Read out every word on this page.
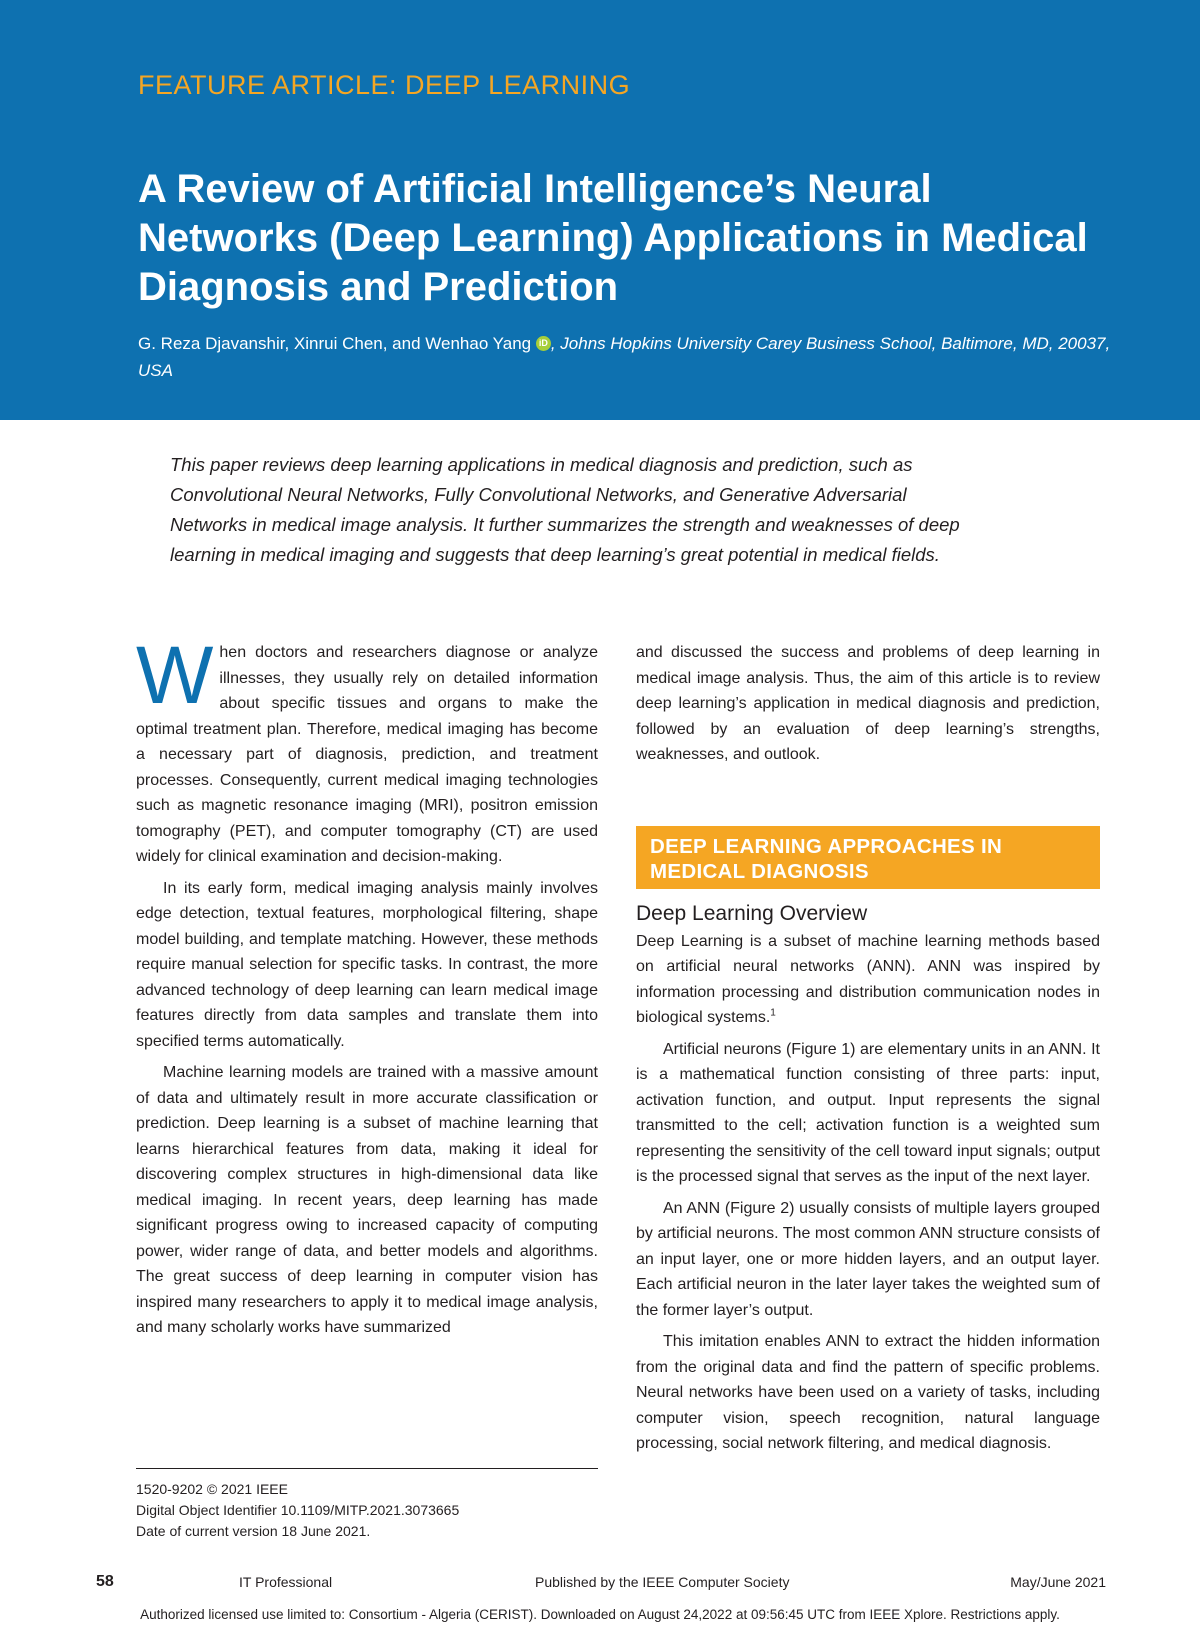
FEATURE ARTICLE: DEEP LEARNING
A Review of Artificial Intelligence’s Neural Networks (Deep Learning) Applications in Medical Diagnosis and Prediction
G. Reza Djavanshir, Xinrui Chen, and Wenhao Yang iD , Johns Hopkins University Carey Business School, Baltimore, MD, 20037, USA

This paper reviews deep learning applications in medical diagnosis and prediction, such as Convolutional Neural Networks, Fully Convolutional Networks, and Generative Adversarial Networks in medical image analysis. It further summarizes the strength and weaknesses of deep learning in medical imaging and suggests that deep learning’s great potential in medical fields.

When doctors and researchers diagnose or analyze illnesses, they usually rely on detailed information about specific tissues and organs to make the optimal treatment plan. Therefore, medical imaging has become a necessary part of diagnosis, prediction, and treatment processes. Consequently, current medical imaging technologies such as magnetic resonance imaging (MRI), positron emission tomography (PET), and computer tomography (CT) are used widely for clinical examination and decision-making.

In its early form, medical imaging analysis mainly involves edge detection, textual features, morphological filtering, shape model building, and template matching. However, these methods require manual selection for specific tasks. In contrast, the more advanced technology of deep learning can learn medical image features directly from data samples and translate them into specified terms automatically.

Machine learning models are trained with a massive amount of data and ultimately result in more accurate classification or prediction. Deep learning is a subset of machine learning that learns hierarchical features from data, making it ideal for discovering complex structures in high-dimensional data like medical imaging. In recent years, deep learning has made significant progress owing to increased capacity of computing power, wider range of data, and better models and algorithms. The great success of deep learning in computer vision has inspired many researchers to apply it to medical image analysis, and many scholarly works have summarized

and discussed the success and problems of deep learning in medical image analysis. Thus, the aim of this article is to review deep learning’s application in medical diagnosis and prediction, followed by an evaluation of deep learning’s strengths, weaknesses, and outlook.

DEEP LEARNING APPROACHES IN MEDICAL DIAGNOSIS
Deep Learning Overview

Deep Learning is a subset of machine learning methods based on artificial neural networks (ANN). ANN was inspired by information processing and distribution communication nodes in biological systems.$^1$

Artificial neurons (Figure 1) are elementary units in an ANN. It is a mathematical function consisting of three parts: input, activation function, and output. Input represents the signal transmitted to the cell; activation function is a weighted sum representing the sensitivity of the cell toward input signals; output is the processed signal that serves as the input of the next layer.

An ANN (Figure 2) usually consists of multiple layers grouped by artificial neurons. The most common ANN structure consists of an input layer, one or more hidden layers, and an output layer. Each artificial neuron in the later layer takes the weighted sum of the former layer’s output.

This imitation enables ANN to extract the hidden information from the original data and find the pattern of specific problems. Neural networks have been used on a variety of tasks, including computer vision, speech recognition, natural language processing, social network filtering, and medical diagnosis.

1520-9202 © 2021 IEEE
Digital Object Identifier 10.1109/MITP.2021.3073665
Date of current version 18 June 2021.
58	IT Professional	Published by the IEEE Computer Society	May/June 2021
Authorized licensed use limited to: Consortium - Algeria (CERIST). Downloaded on August 24,2022 at 09:56:45 UTC from IEEE Xplore. Restrictions apply.
